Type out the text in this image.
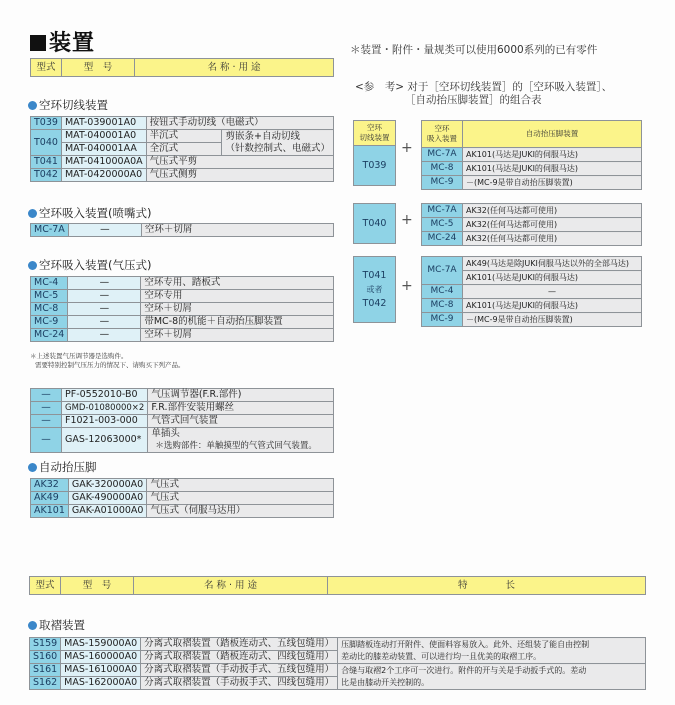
装置
型式	型　号	名 称 · 用 途
空环切线装置
T039	MAT-039001A0	按钮式手动切线（电磁式）	
T040	MAT-040001A0	半沉式	剪嵌条+自动切线
（针数控制式、电磁式）

	MAT-040001AA	全沉式	
T041	MAT-041000A0A	气压式平剪	
T042	MAT-0420000A0	气压式侧剪	
空环吸入装置(喷嘴式)
MC-7A	—	空环＋切屑
空环吸入装置(气压式)
MC-4	—	空环专用、踏板式
MC-5	—	空环专用
MC-8	—	空环＋切屑
MC-9	—	带MC-8的机能＋自动抬压脚装置
MC-24	—	空环＋切屑
＊上述装置气压调节器是选购件。
需要特别控制气压压力的情况下、请购买下列产品。
—	PF-0552010-B0	气压调节器(F.R.部件)
—	GMD-01080000×2	F.R.部件安装用螺丝
—	F1021-003-000	气管式回气装置
—	GAS-12063000*	单插头
＊选购部件：单触摸型的气管式回气装置。
自动抬压脚
AK32	GAK-320000A0	气压式
AK49	GAK-490000A0	气压式
AK101	GAK-A01000A0	气压式（伺服马达用）
＊装置・附件・量规类可以使用6000系列的已有零件
<参　考> 对于［空环切线装置］的［空环吸入装置］、
［自动抬压脚装置］的组合表
空环
切线装置
T039
+
空环
吸入装置	自动抬压脚装置
MC-7A	AK101(马达是JUKI的伺服马达)
MC-8	AK101(马达是JUKI的伺服马达)
MC-9	－(MC-9是带自动抬压脚装置)
T040	+
MC-7A	AK32(任何马达都可使用)
MC-5	AK32(任何马达都可使用)
MC-24	AK32(任何马达都可使用)
T041
或者
T042
+
MC-7A	AK49(马达是除JUKI伺服马达以外的全部马达)
	AK101(马达是JUKI的伺服马达)
MC-4	—
MC-8	AK101(马达是JUKI的伺服马达)
MC-9	－(MC-9是带自动抬压脚装置)
型式	型　号	名 称 · 用 途	特　　　　长
取褶装置
S159	MAS-159000A0	分离式取褶装置（踏板连动式、五线包缝用）	压脚踏板连动打开附件、使面料容易放入。此外、还组装了能自由控制
差动比的膝差动装置、可以进行均一且优美的取褶工序。

S160	MAS-160000A0	分离式取褶装置（踏板连动式、四线包缝用）	
S161	MAS-161000A0	分离式取褶装置（手动扳手式、五线包缝用）	合缝与取褶2个工序可一次进行。附件的开与关是手动扳手式的。差动
比是由膝动开关控制的。

S162	MAS-162000A0	分离式取褶装置（手动扳手式、四线包缝用）	
